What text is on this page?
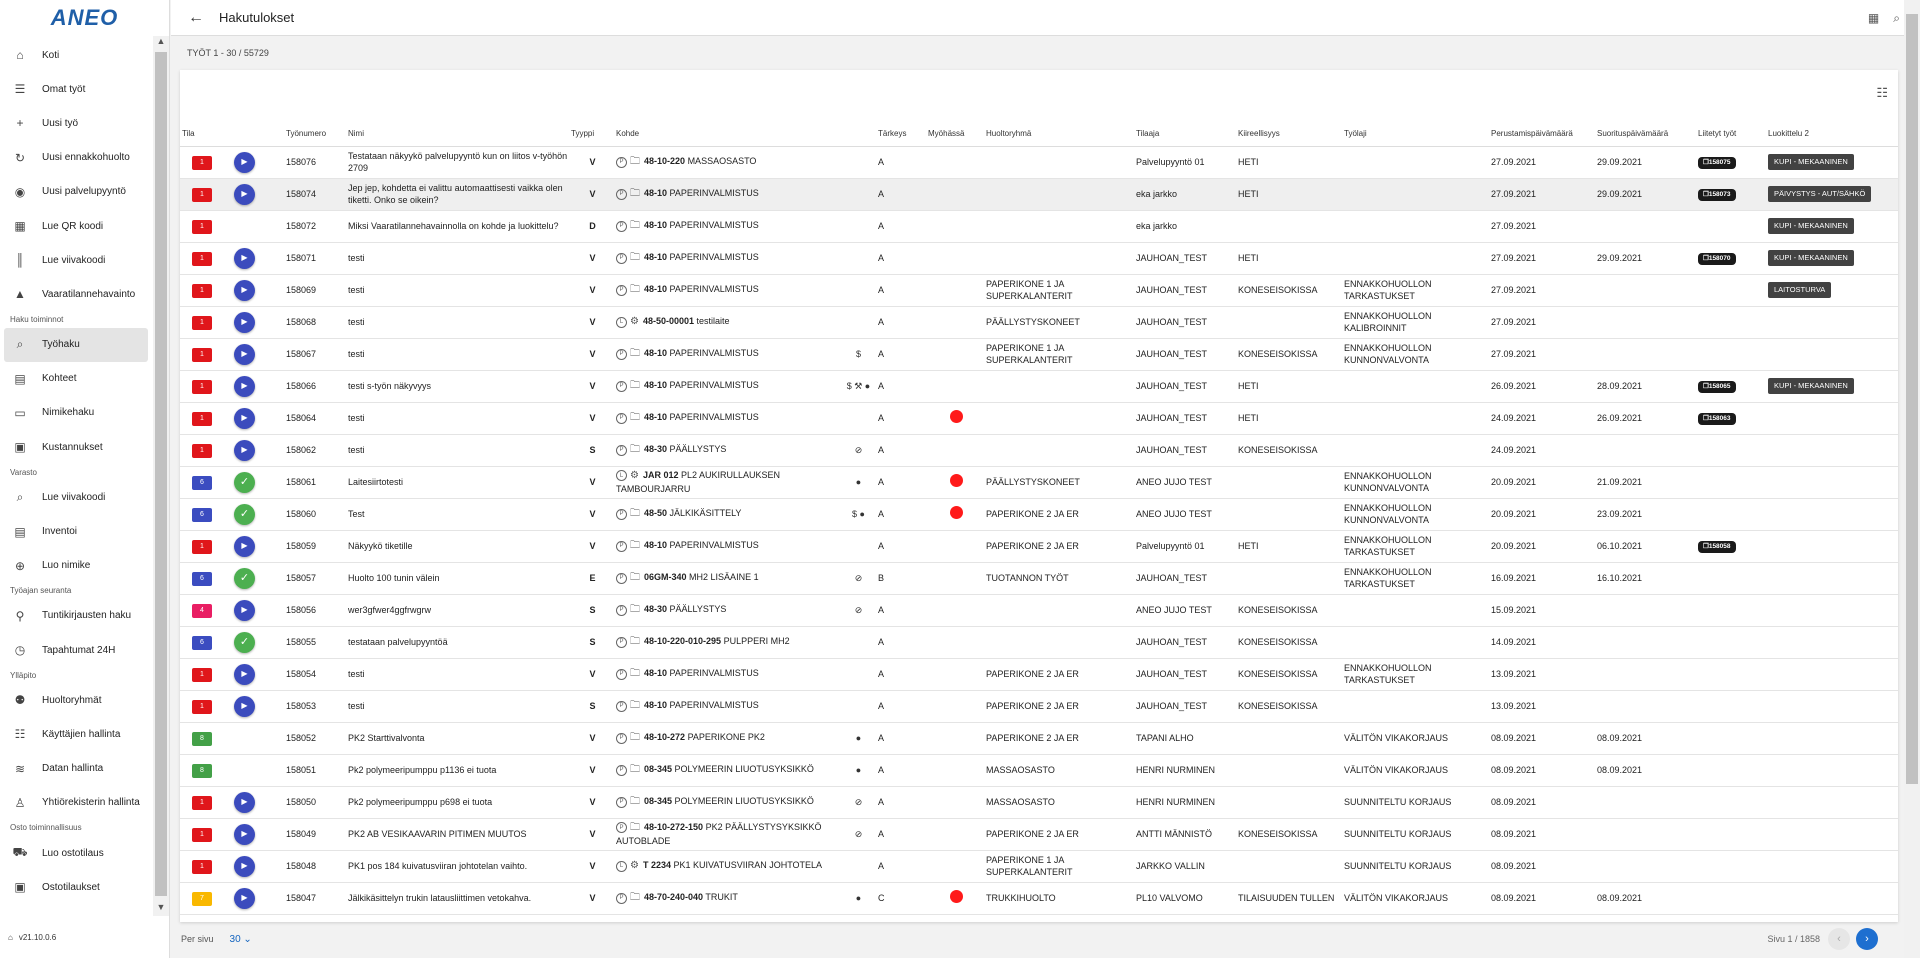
ANEO
⌂	Koti
☰ Omat työt
+	Uusi työ
↻ Uusi ennakkohuolto
◉ Uusi palvelupyyntö
▦ Lue QR koodi
║	Lue viivakoodi
▲ Vaaratilannehavainto
Haku toiminnot
⌕	Työhaku
▤ Kohteet
▭ Nimikehaku
▣ Kustannukset
Varasto
⌕	Lue viivakoodi
▤ Inventoi
⊕ Luo nimike
Työajan seuranta
⚲	Tuntikirjausten haku
◷ Tapahtumat 24H
Ylläpito
⚉ Huoltoryhmät
☷ Käyttäjien hallinta
≋ Datan hallinta
♙ Yhtiörekisterin hallinta
Osto toiminnallisuus
⛟ Luo ostotilaus
▣ Ostotilaukset
▲
▼
⌂ v21.10.0.6
←	Hakutulokset	▦ ⌕
TYÖT 1 - 30 / 55729
☷
Tila		Työnumero	Nimi	Tyyppi	Kohde		Tärkeys	Myöhässä	Huoltoryhmä	Tilaaja	Kiireellisyys	Työlaji	Perustamispäivämäärä	Suorituspäivämäärä	Liitetyt työt	Luokittelu 2
1	▶	158076	Testataan näkyykö palvelupyyntö kun on liitos v-työhön 2709	V	P 🗀 48-10-220 MASSAOSASTO		A			Palvelupyyntö 01	HETI		27.09.2021	29.09.2021	❐ 158075	KUPI - MEKAANINEN
1	▶	158074	Jep jep, kohdetta ei valittu automaattisesti vaikka olen tiketti. Onko se oikein?	V	P 🗀 48-10 PAPERINVALMISTUS		A			eka jarkko	HETI		27.09.2021	29.09.2021	❐ 158073	PÄIVYSTYS - AUT/SÄHKÖ
1		158072	Miksi Vaaratilannehavainnolla on kohde ja luokittelu?	D	P 🗀 48-10 PAPERINVALMISTUS		A			eka jarkko			27.09.2021			KUPI - MEKAANINEN
1	▶	158071	testi	V	P 🗀 48-10 PAPERINVALMISTUS		A			JAUHOAN_TEST	HETI		27.09.2021	29.09.2021	❐ 158070	KUPI - MEKAANINEN
1	▶	158069	testi	V	P 🗀 48-10 PAPERINVALMISTUS		A		PAPERIKONE 1 JA SUPERKALANTERIT	JAUHOAN_TEST	KONESEISOKISSA	ENNAKKOHUOLLON TARKASTUKSET	27.09.2021			LAITOSTURVA
1	▶	158068	testi	V	L ⚙ 48-50-00001 testilaite		A		PÄÄLLYSTYSKONEET	JAUHOAN_TEST		ENNAKKOHUOLLON KALIBROINNIT	27.09.2021			
1	▶	158067	testi	V	P 🗀 48-10 PAPERINVALMISTUS	$	A		PAPERIKONE 1 JA SUPERKALANTERIT	JAUHOAN_TEST	KONESEISOKISSA	ENNAKKOHUOLLON KUNNONVALVONTA	27.09.2021			
1	▶	158066	testi s-työn näkyvyys	V	P 🗀 48-10 PAPERINVALMISTUS	$ ⚒ ●	A			JAUHOAN_TEST	HETI		26.09.2021	28.09.2021	❐ 158065	KUPI - MEKAANINEN
1	▶	158064	testi	V	P 🗀 48-10 PAPERINVALMISTUS		A			JAUHOAN_TEST	HETI		24.09.2021	26.09.2021	❐ 158063	

1	▶	158062	testi	S	P 🗀 48-30 PÄÄLLYSTYS	⊘	A			JAUHOAN_TEST	KONESEISOKISSA		24.09.2021			
6	✓	158061	Laitesiirtotesti	V	L ⚙ JAR 012 PL2 AUKIRULLAUKSEN TAMBOURJARRU	●	A		PÄÄLLYSTYSKONEET	ANEO JUJO TEST		ENNAKKOHUOLLON KUNNONVALVONTA	20.09.2021	21.09.2021		
6	✓	158060	Test	V	P 🗀 48-50 JÄLKIKÄSITTELY	$ ●	A		PAPERIKONE 2 JA ER	ANEO JUJO TEST		ENNAKKOHUOLLON KUNNONVALVONTA	20.09.2021	23.09.2021		
1	▶	158059	Näkyykö tiketille	V	P 🗀 48-10 PAPERINVALMISTUS		A		PAPERIKONE 2 JA ER	Palvelupyyntö 01	HETI	ENNAKKOHUOLLON TARKASTUKSET	20.09.2021	06.10.2021	❐ 158058	

6	✓	158057	Huolto 100 tunin välein	E	P 🗀 06GM-340 MH2 LISÄAINE 1	⊘	B		TUOTANNON TYÖT	JAUHOAN_TEST		ENNAKKOHUOLLON TARKASTUKSET	16.09.2021	16.10.2021		
4	▶	158056	wer3gfwer4ggfrwgrw	S	P 🗀 48-30 PÄÄLLYSTYS	⊘	A			ANEO JUJO TEST	KONESEISOKISSA		15.09.2021			
6	✓	158055	testataan palvelupyyntöä	S	P 🗀 48-10-220-010-295 PULPPERI MH2		A			JAUHOAN_TEST	KONESEISOKISSA		14.09.2021			
1	▶	158054	testi	V	P 🗀 48-10 PAPERINVALMISTUS		A		PAPERIKONE 2 JA ER	JAUHOAN_TEST	KONESEISOKISSA	ENNAKKOHUOLLON TARKASTUKSET	13.09.2021			
1	▶	158053	testi	S	P 🗀 48-10 PAPERINVALMISTUS		A		PAPERIKONE 2 JA ER	JAUHOAN_TEST	KONESEISOKISSA		13.09.2021			
8		158052	PK2 Starttivalvonta	V	P 🗀 48-10-272 PAPERIKONE PK2	●	A		PAPERIKONE 2 JA ER	TAPANI ALHO		VÄLITÖN VIKAKORJAUS	08.09.2021	08.09.2021		
8		158051	Pk2 polymeeripumppu p1136 ei tuota	V	P 🗀 08-345 POLYMEERIN LIUOTUSYKSIKKÖ	●	A		MASSAOSASTO	HENRI NURMINEN		VÄLITÖN VIKAKORJAUS	08.09.2021	08.09.2021		
1	▶	158050	Pk2 polymeeripumppu p698 ei tuota	V	P 🗀 08-345 POLYMEERIN LIUOTUSYKSIKKÖ	⊘	A		MASSAOSASTO	HENRI NURMINEN		SUUNNITELTU KORJAUS	08.09.2021			
1	▶	158049	PK2 AB VESIKAAVARIN PITIMEN MUUTOS	V	P 🗀 48-10-272-150 PK2 PÄÄLLYSTYSYKSIKKÖ AUTOBLADE	⊘	A		PAPERIKONE 2 JA ER	ANTTI MÄNNISTÖ	KONESEISOKISSA	SUUNNITELTU KORJAUS	08.09.2021			
1	▶	158048	PK1 pos 184 kuivatusviiran johtotelan vaihto.	V	L ⚙ T 2234 PK1 KUIVATUSVIIRAN JOHTOTELA		A		PAPERIKONE 1 JA SUPERKALANTERIT	JARKKO VALLIN		SUUNNITELTU KORJAUS	08.09.2021			
7	▶	158047	Jälkikäsittelyn trukin latausliittimen vetokahva.	V	P 🗀 48-70-240-040 TRUKIT	●	C		TRUKKIHUOLTO	PL10 VALVOMO	TILAISUUDEN TULLEN	VÄLITÖN VIKAKORJAUS	08.09.2021	08.09.2021		
Per sivu 30 ⌄	Sivu 1 / 1858	‹	›
